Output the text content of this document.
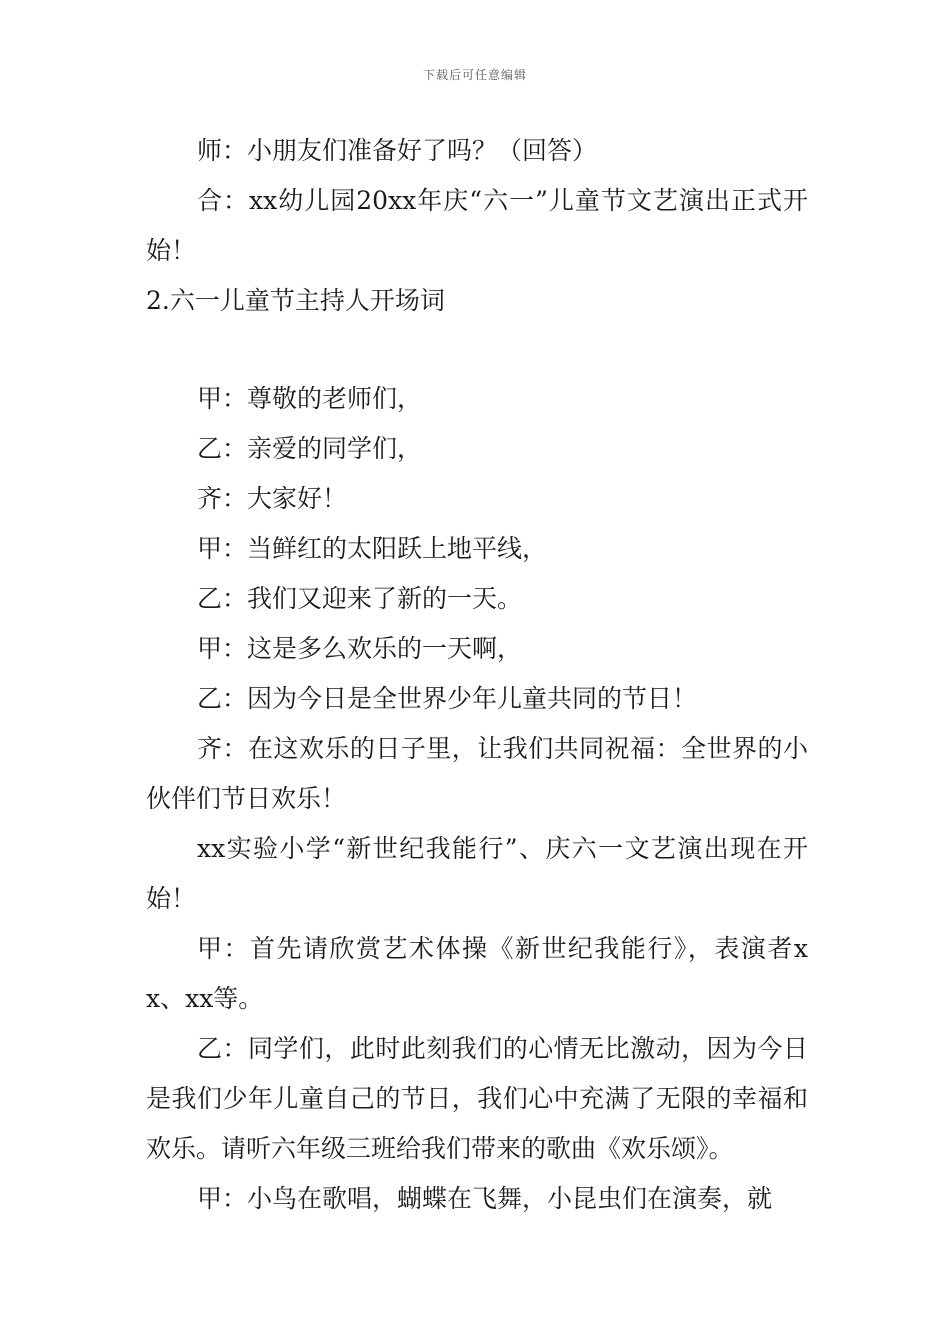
下载后可任意编辑

师：小朋友们准备好了吗？（回答）

合：xx幼儿园20xx年庆“六一”儿童节文艺演出正式开始！

2.六一儿童节主持人开场词

甲：尊敬的老师们，

乙：亲爱的同学们，

齐：大家好！

甲：当鲜红的太阳跃上地平线，

乙：我们又迎来了新的一天。

甲：这是多么欢乐的一天啊，

乙：因为今日是全世界少年儿童共同的节日！

齐：在这欢乐的日子里，让我们共同祝福：全世界的小伙伴们节日欢乐！

xx实验小学“新世纪我能行”、庆六一文艺演出现在开始！

甲：首先请欣赏艺术体操《新世纪我能行》，表演者xx、xx等。

乙：同学们，此时此刻我们的心情无比激动，因为今日是我们少年儿童自己的节日，我们心中充满了无限的幸福和欢乐。请听六年级三班给我们带来的歌曲《欢乐颂》。

甲：小鸟在歌唱，蝴蝶在飞舞，小昆虫们在演奏，就
